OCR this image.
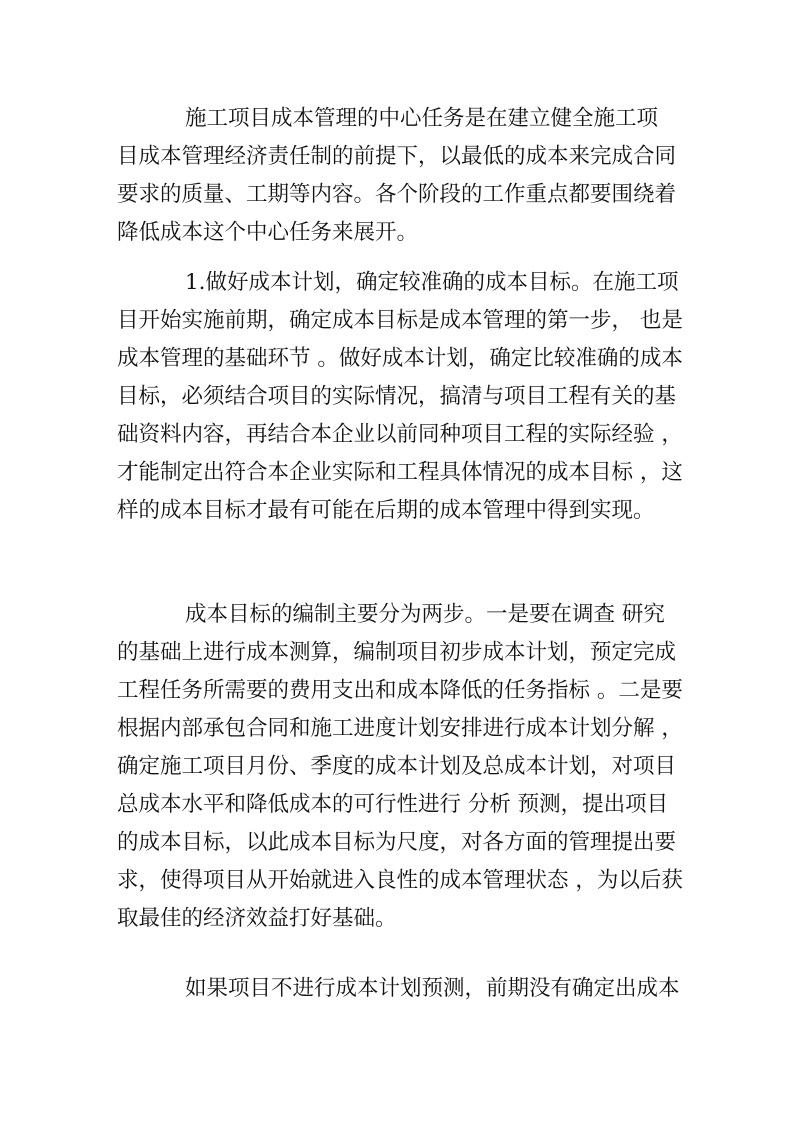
施工项目成本管理的中心任务是在建立健全施工项
目成本管理经济责任制的前提下，以最低的成本来完成合同
要求的质量、工期等内容。各个阶段的工作重点都要围绕着
降低成本这个中心任务来展开。
1.做好成本计划，确定较准确的成本目标。在施工项
目开始实施前期，确定成本目标是成本管理的第一步， 也是
成本管理的基础环节 。做好成本计划，确定比较准确的成本
目标，必须结合项目的实际情况，搞清与项目工程有关的基
础资料内容，再结合本企业以前同种项目工程的实际经验 ，
才能制定出符合本企业实际和工程具体情况的成本目标 ，这
样的成本目标才最有可能在后期的成本管理中得到实现。
成本目标的编制主要分为两步。一是要在调查 研究
的基础上进行成本测算，编制项目初步成本计划，预定完成
工程任务所需要的费用支出和成本降低的任务指标 。二是要
根据内部承包合同和施工进度计划安排进行成本计划分解 ，
确定施工项目月份、季度的成本计划及总成本计划，对项目
总成本水平和降低成本的可行性进行 分析 预测，提出项目
的成本目标，以此成本目标为尺度，对各方面的管理提出要
求，使得项目从开始就进入良性的成本管理状态 ，为以后获
取最佳的经济效益打好基础。
如果项目不进行成本计划预测，前期没有确定出成本
